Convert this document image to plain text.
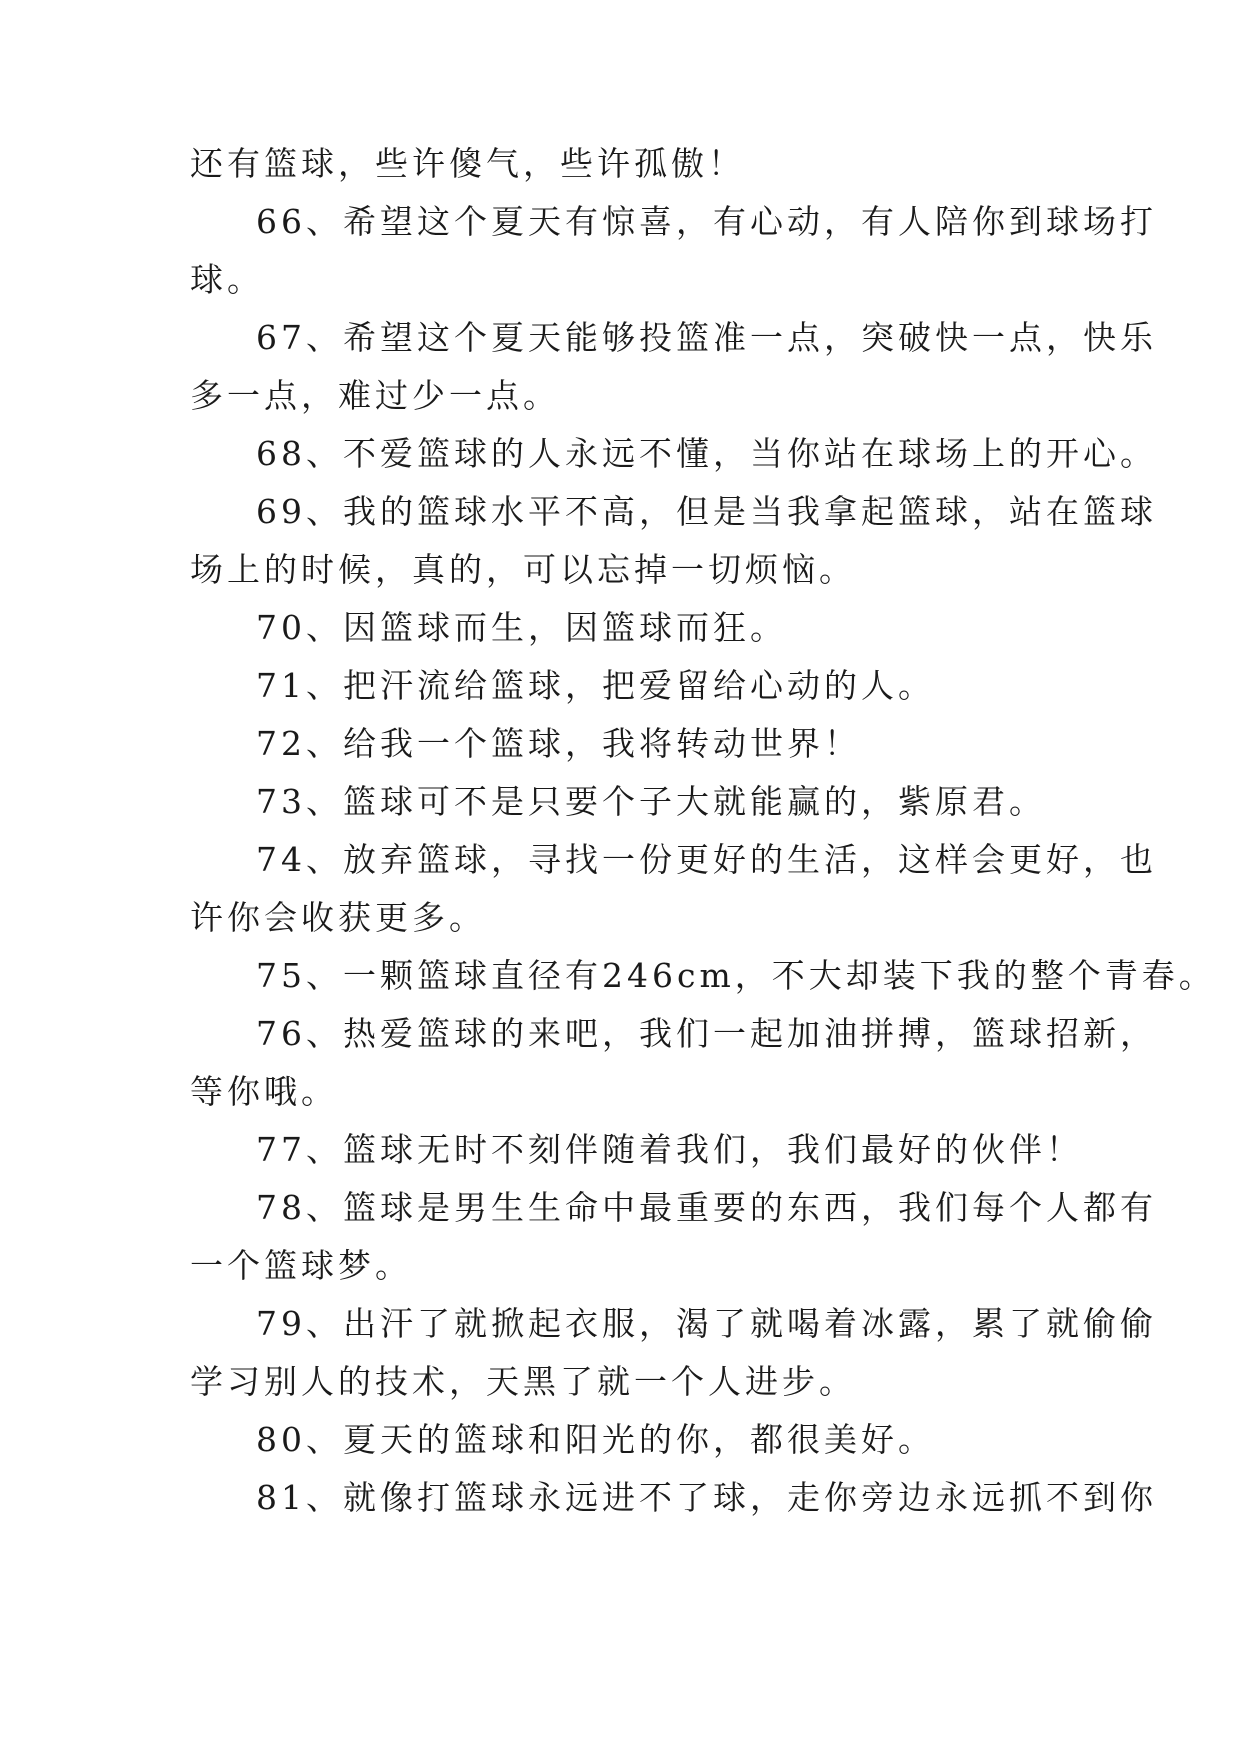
还有篮球，些许傻气，些许孤傲！
66、希望这个夏天有惊喜，有心动，有人陪你到球场打
球。
67、希望这个夏天能够投篮准一点，突破快一点，快乐
多一点，难过少一点。
68、不爱篮球的人永远不懂，当你站在球场上的开心。
69、我的篮球水平不高，但是当我拿起篮球，站在篮球
场上的时候，真的，可以忘掉一切烦恼。
70、因篮球而生，因篮球而狂。
71、把汗流给篮球，把爱留给心动的人。
72、给我一个篮球，我将转动世界！
73、篮球可不是只要个子大就能赢的，紫原君。
74、放弃篮球，寻找一份更好的生活，这样会更好，也
许你会收获更多。
75、一颗篮球直径有246cm，不大却装下我的整个青春。
76、热爱篮球的来吧，我们一起加油拼搏，篮球招新，
等你哦。
77、篮球无时不刻伴随着我们，我们最好的伙伴！
78、篮球是男生生命中最重要的东西，我们每个人都有
一个篮球梦。
79、出汗了就掀起衣服，渴了就喝着冰露，累了就偷偷
学习别人的技术，天黑了就一个人进步。
80、夏天的篮球和阳光的你，都很美好。
81、就像打篮球永远进不了球，走你旁边永远抓不到你
